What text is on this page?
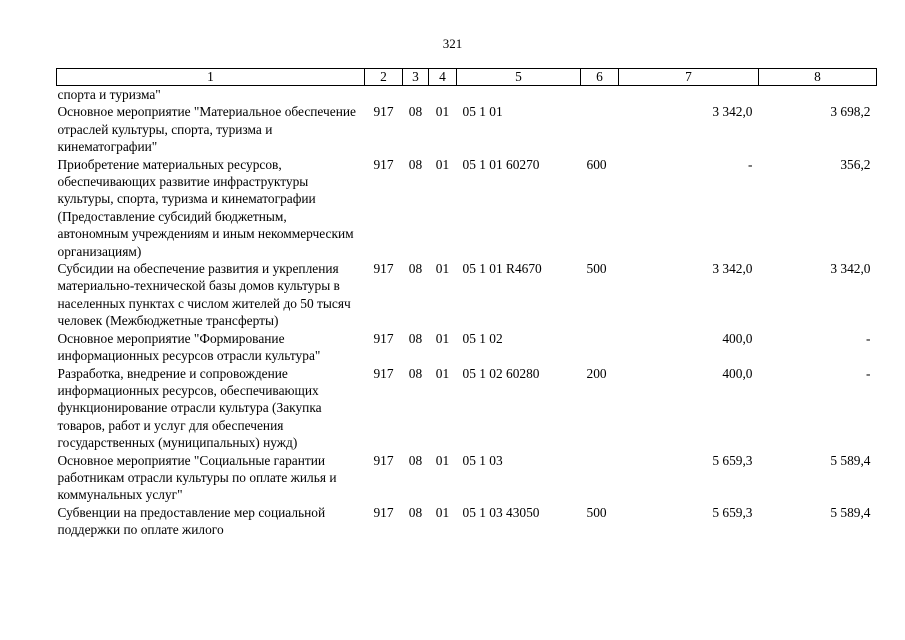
321
1	2	3	4	5	6	7	8
спорта и туризма"							
Основное мероприятие "Материальное обеспечение отраслей культуры, спорта, туризма и кинематографии"	917	08	01	05 1 01		3 342,0	3 698,2
Приобретение материальных ресурсов, обеспечивающих развитие инфраструктуры культуры, спорта, туризма и кинематографии (Предоставление субсидий бюджетным, автономным учреждениям и иным некоммерческим организациям)	917	08	01	05 1 01 60270	600	-	356,2
Субсидии на обеспечение развития и укрепления материально-технической базы домов культуры в населенных пунктах с числом жителей до 50 тысяч человек (Межбюджетные трансферты)	917	08	01	05 1 01 R4670	500	3 342,0	3 342,0
Основное мероприятие "Формирование информационных ресурсов отрасли культура"	917	08	01	05 1 02		400,0	-
Разработка, внедрение и сопровождение информационных ресурсов, обеспечивающих функционирование отрасли культура (Закупка товаров, работ и услуг для обеспечения государственных (муниципальных) нужд)	917	08	01	05 1 02 60280	200	400,0	-
Основное мероприятие "Социальные гарантии работникам отрасли культуры по оплате жилья и коммунальных услуг"	917	08	01	05 1 03		5 659,3	5 589,4
Субвенции на предоставление мер социальной поддержки по оплате жилого	917	08	01	05 1 03 43050	500	5 659,3	5 589,4
